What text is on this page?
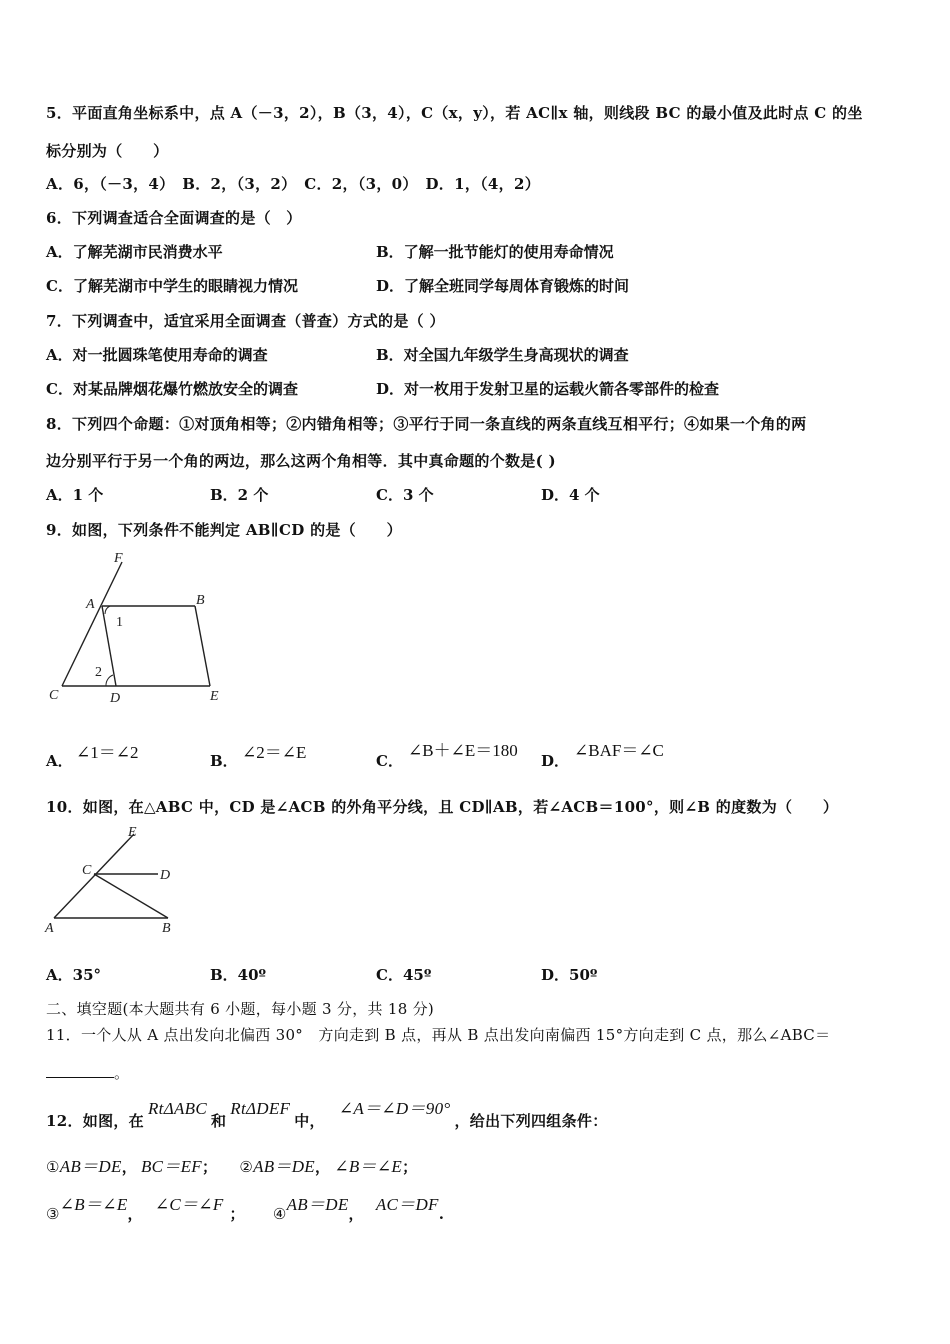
5．平面直角坐标系中，点 A（－3，2），B（3，4），C（x，y），若 AC∥x 轴，则线段 BC 的最小值及此时点 C 的坐
标分别为（　　）
A．6，（－3，4）　B．2，（3，2）　C．2，（3，0）　D．1，（4，2）
6．下列调查适合全面调查的是（　）
A．了解芜湖市民消费水平	B．了解一批节能灯的使用寿命情况
C．了解芜湖市中学生的眼睛视力情况	D．了解全班同学每周体育锻炼的时间
7．下列调查中，适宜采用全面调查（普查）方式的是（ ）
A．对一批圆珠笔使用寿命的调查	B．对全国九年级学生身高现状的调查
C．对某品牌烟花爆竹燃放安全的调查	D．对一枚用于发射卫星的运载火箭各零部件的检查
8．下列四个命题：①对顶角相等；②内错角相等；③平行于同一条直线的两条直线互相平行；④如果一个角的两
边分别平行于另一个角的两边，那么这两个角相等．其中真命题的个数是( )
A．1 个	B．2 个	C．3 个	D．4 个
9．如图，下列条件不能判定 AB∥CD 的是（　　）
F
A	B
1
2
C	D	E
A． ∠1＝∠2	B． ∠2＝∠E	C．
∠B＋∠E＝180
D．
∠BAF＝∠C
10．如图，在△ABC 中，CD 是∠ACB 的外角平分线，且 CD∥AB，若∠ACB＝100°，则∠B 的度数为（　　）
E
C	D
A	B
A．35°	B．40º	C．45º	D．50º
二、填空题(本大题共有 6 小题，每小题 3 分，共 18 分)
11．一个人从 A 点出发向北偏西 30°　方向走到 B 点，再从 B 点出发向南偏西 15°方向走到 C 点，那么∠ABC＝
。
12．如图，在RtΔABC和RtΔDEF中，∠A＝∠D＝90°，给出下列四组条件：
①AB＝DE， BC＝EF； ②AB＝DE， ∠B＝∠E；
③∠B＝∠E， ∠C＝∠F ； ④AB＝DE， AC＝DF.
